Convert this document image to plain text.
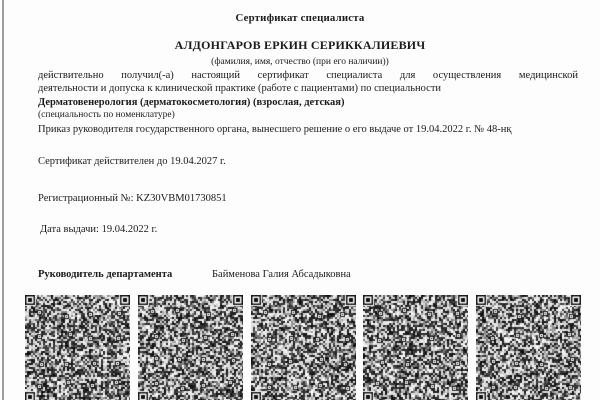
Сертификат специалиста
АЛДОНГАРОВ ЕРКИН СЕРИККАЛИЕВИЧ
(фамилия, имя, отчество (при его наличии))
действительно получил(-а) настоящий сертификат специалиста для осуществления медицинской
деятельности и допуска к клинической практике (работе с пациентами) по специальности
Дерматовенерология (дерматокосметология) (взрослая, детская)
(специальность по номенклатуре)
Приказ руководителя государственного органа, вынесшего решение о его выдаче от 19.04.2022 г. № 48-нқ
Сертификат действителен до 19.04.2027 г.
Регистрационный №: KZ30VBM01730851
Дата выдачи: 19.04.2022 г.
Руководитель департамента	Байменова Галия Абсадыковна
